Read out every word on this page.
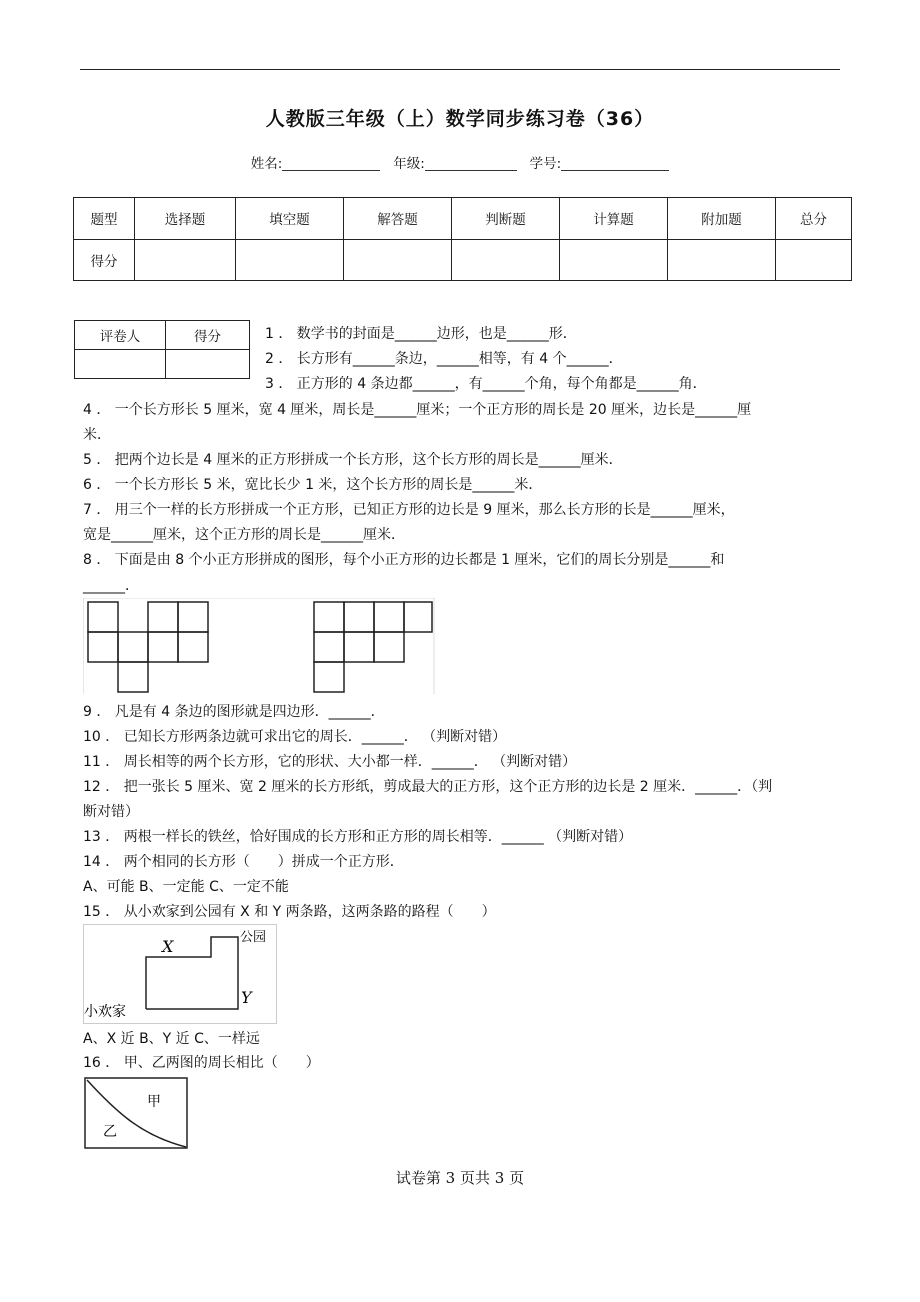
人教版三年级（上）数学同步练习卷（36）
姓名:	年级:	学号:
题型	选择题	填空题	解答题	判断题	计算题	附加题	总分
得分							
评卷人	得分
		1 ． 数学书的封面是______边形，也是______形．
2 ． 长方形有______条边，______相等，有 4 个______．
3 ． 正方形的 4 条边都______，有______个角，每个角都是______角．
4 ． 一个长方形长 5 厘米，宽 4 厘米，周长是______厘米；一个正方形的周长是 20 厘米，边长是______厘
米．
5 ． 把两个边长是 4 厘米的正方形拼成一个长方形，这个长方形的周长是______厘米．
6 ． 一个长方形长 5 米，宽比长少 1 米，这个长方形的周长是______米．
7 ． 用三个一样的长方形拼成一个正方形，已知正方形的边长是 9 厘米，那么长方形的长是______厘米，
宽是______厘米，这个正方形的周长是______厘米．
8 ． 下面是由 8 个小正方形拼成的图形，每个小正方形的边长都是 1 厘米，它们的周长分别是______和
______．
9 ． 凡是有 4 条边的图形就是四边形．______．
10 ． 已知长方形两条边就可求出它的周长．______． （判断对错）
11 ． 周长相等的两个长方形，它的形状、大小都一样．______． （判断对错）
12 ． 把一张长 5 厘米、宽 2 厘米的长方形纸，剪成最大的正方形，这个正方形的边长是 2 厘米．______．（判
断对错）
13 ． 两根一样长的铁丝，恰好围成的长方形和正方形的周长相等．______ （判断对错）
14 ． 两个相同的长方形（　　）拼成一个正方形．
A、可能 B、一定能 C、一定不能
15 ． 从小欢家到公园有 X 和 Y 两条路，这两条路的路程（　　）
X
Y
公园
小欢家
A、X 近 B、Y 近 C、一样远
16 ． 甲、乙两图的周长相比（　　）
甲
乙
试卷第 3 页共 3 页
